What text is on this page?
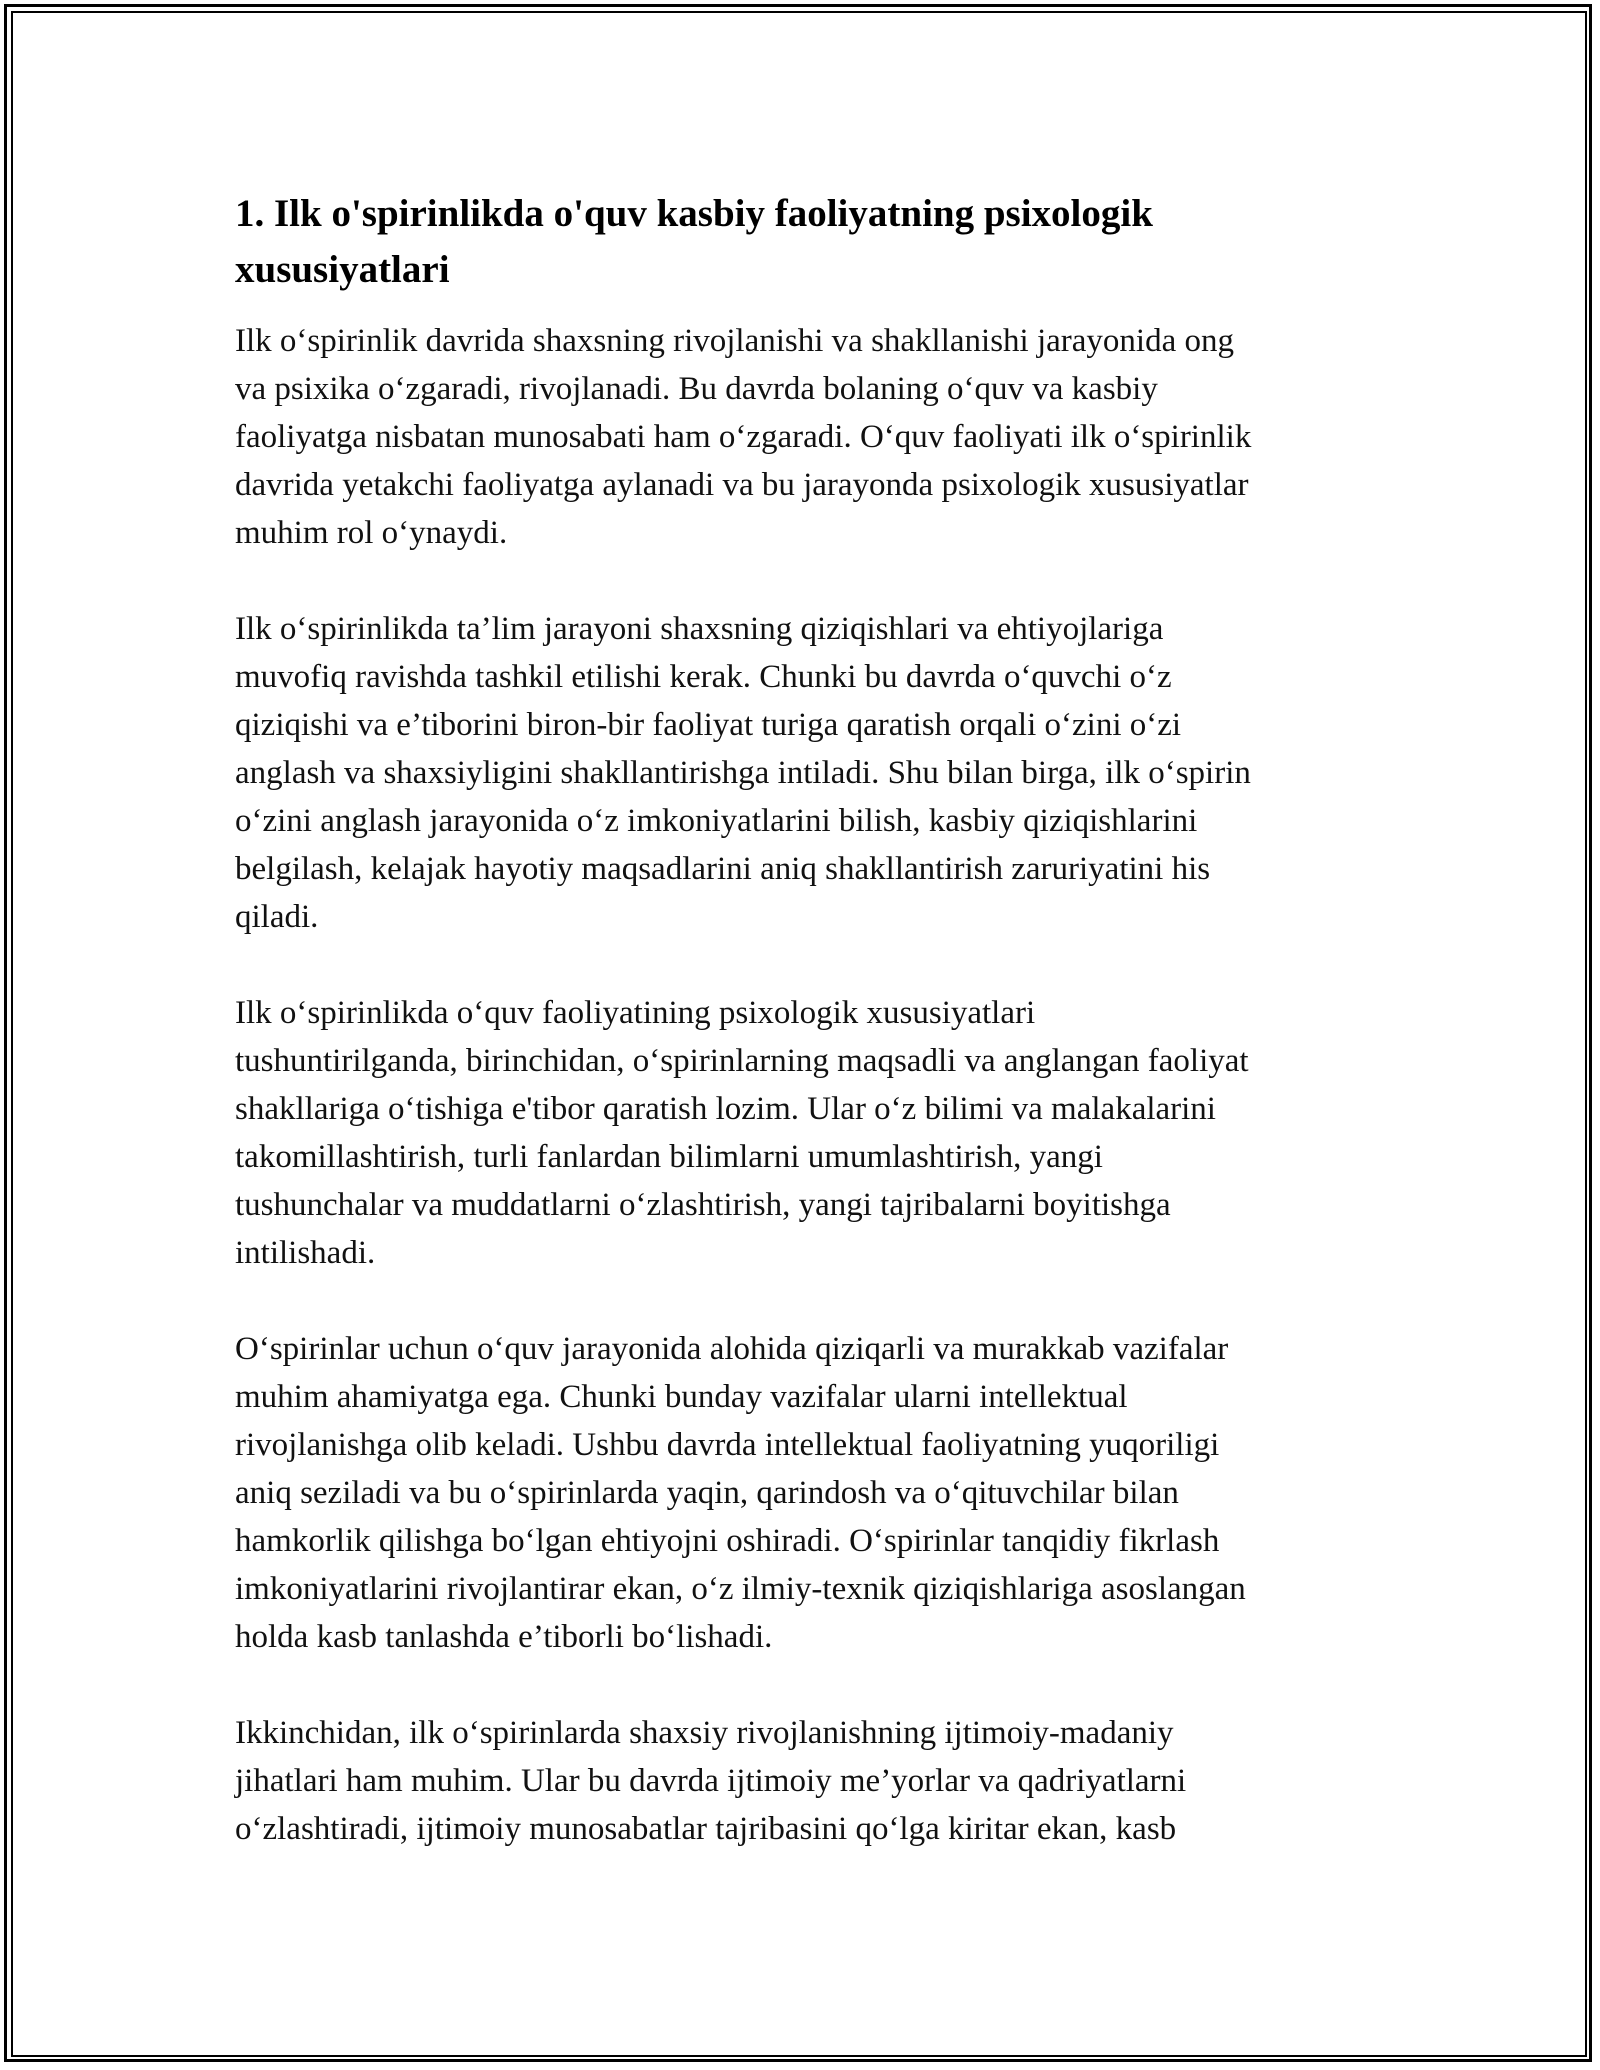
1. Ilk o'spirinlikda o'quv kasbiy faoliyatning psixologik
xususiyatlari

Ilk o‘spirinlik davrida shaxsning rivojlanishi va shakllanishi jarayonida ong
va psixika o‘zgaradi, rivojlanadi. Bu davrda bolaning o‘quv va kasbiy
faoliyatga nisbatan munosabati ham o‘zgaradi. O‘quv faoliyati ilk o‘spirinlik
davrida yetakchi faoliyatga aylanadi va bu jarayonda psixologik xususiyatlar
muhim rol o‘ynaydi.

Ilk o‘spirinlikda ta’lim jarayoni shaxsning qiziqishlari va ehtiyojlariga
muvofiq ravishda tashkil etilishi kerak. Chunki bu davrda o‘quvchi o‘z
qiziqishi va e’tiborini biron-bir faoliyat turiga qaratish orqali o‘zini o‘zi
anglash va shaxsiyligini shakllantirishga intiladi. Shu bilan birga, ilk o‘spirin
o‘zini anglash jarayonida o‘z imkoniyatlarini bilish, kasbiy qiziqishlarini
belgilash, kelajak hayotiy maqsadlarini aniq shakllantirish zaruriyatini his
qiladi.

Ilk o‘spirinlikda o‘quv faoliyatining psixologik xususiyatlari
tushuntirilganda, birinchidan, o‘spirinlarning maqsadli va anglangan faoliyat
shakllariga o‘tishiga e'tibor qaratish lozim. Ular o‘z bilimi va malakalarini
takomillashtirish, turli fanlardan bilimlarni umumlashtirish, yangi
tushunchalar va muddatlarni o‘zlashtirish, yangi tajribalarni boyitishga
intilishadi.

O‘spirinlar uchun o‘quv jarayonida alohida qiziqarli va murakkab vazifalar
muhim ahamiyatga ega. Chunki bunday vazifalar ularni intellektual
rivojlanishga olib keladi. Ushbu davrda intellektual faoliyatning yuqoriligi
aniq seziladi va bu o‘spirinlarda yaqin, qarindosh va o‘qituvchilar bilan
hamkorlik qilishga bo‘lgan ehtiyojni oshiradi. O‘spirinlar tanqidiy fikrlash
imkoniyatlarini rivojlantirar ekan, o‘z ilmiy-texnik qiziqishlariga asoslangan
holda kasb tanlashda e’tiborli bo‘lishadi.

Ikkinchidan, ilk o‘spirinlarda shaxsiy rivojlanishning ijtimoiy-madaniy
jihatlari ham muhim. Ular bu davrda ijtimoiy me’yorlar va qadriyatlarni
o‘zlashtiradi, ijtimoiy munosabatlar tajribasini qo‘lga kiritar ekan, kasb
